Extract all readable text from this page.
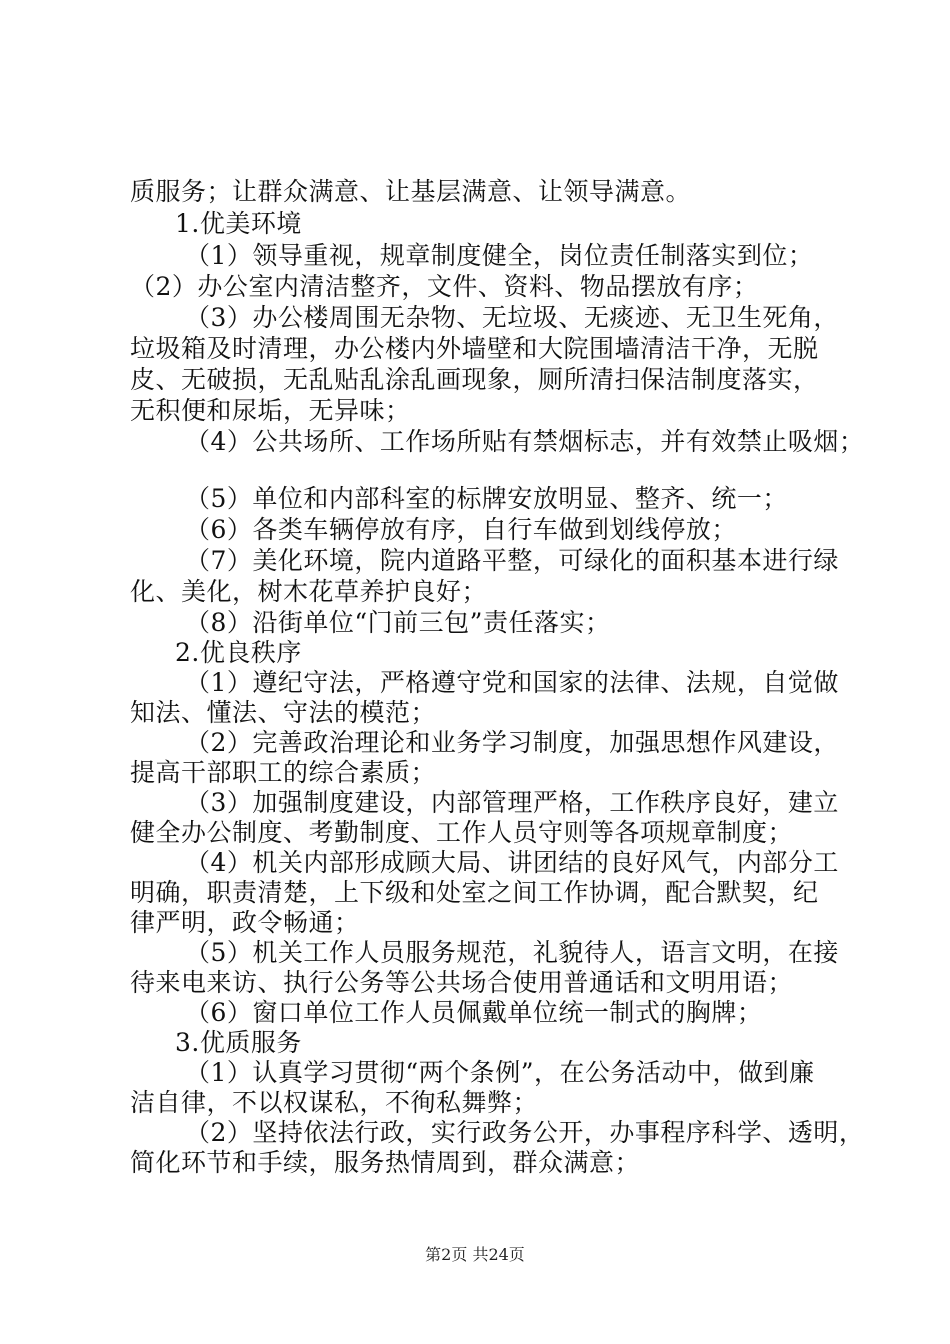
质服务；让群众满意、让基层满意、让领导满意。
1.优美环境
（1）领导重视，规章制度健全，岗位责任制落实到位；
（2）办公室内清洁整齐，文件、资料、物品摆放有序；
（3）办公楼周围无杂物、无垃圾、无痰迹、无卫生死角，
垃圾箱及时清理，办公楼内外墙壁和大院围墙清洁干净，无脱
皮、无破损，无乱贴乱涂乱画现象，厕所清扫保洁制度落实，
无积便和尿垢，无异味；
（4）公共场所、工作场所贴有禁烟标志，并有效禁止吸烟；
（5）单位和内部科室的标牌安放明显、整齐、统一；
（6）各类车辆停放有序，自行车做到划线停放；
（7）美化环境，院内道路平整，可绿化的面积基本进行绿
化、美化，树木花草养护良好；
（8）沿街单位“门前三包”责任落实；
2.优良秩序
（1）遵纪守法，严格遵守党和国家的法律、法规，自觉做
知法、懂法、守法的模范；
（2）完善政治理论和业务学习制度，加强思想作风建设，
提高干部职工的综合素质；
（3）加强制度建设，内部管理严格，工作秩序良好，建立
健全办公制度、考勤制度、工作人员守则等各项规章制度；
（4）机关内部形成顾大局、讲团结的良好风气，内部分工
明确，职责清楚，上下级和处室之间工作协调，配合默契，纪
律严明，政令畅通；
（5）机关工作人员服务规范，礼貌待人，语言文明，在接
待来电来访、执行公务等公共场合使用普通话和文明用语；
（6）窗口单位工作人员佩戴单位统一制式的胸牌；
3.优质服务
（1）认真学习贯彻“两个条例”，在公务活动中，做到廉
洁自律，不以权谋私，不徇私舞弊；
（2）坚持依法行政，实行政务公开，办事程序科学、透明，
简化环节和手续，服务热情周到，群众满意；
第2页 共24页
